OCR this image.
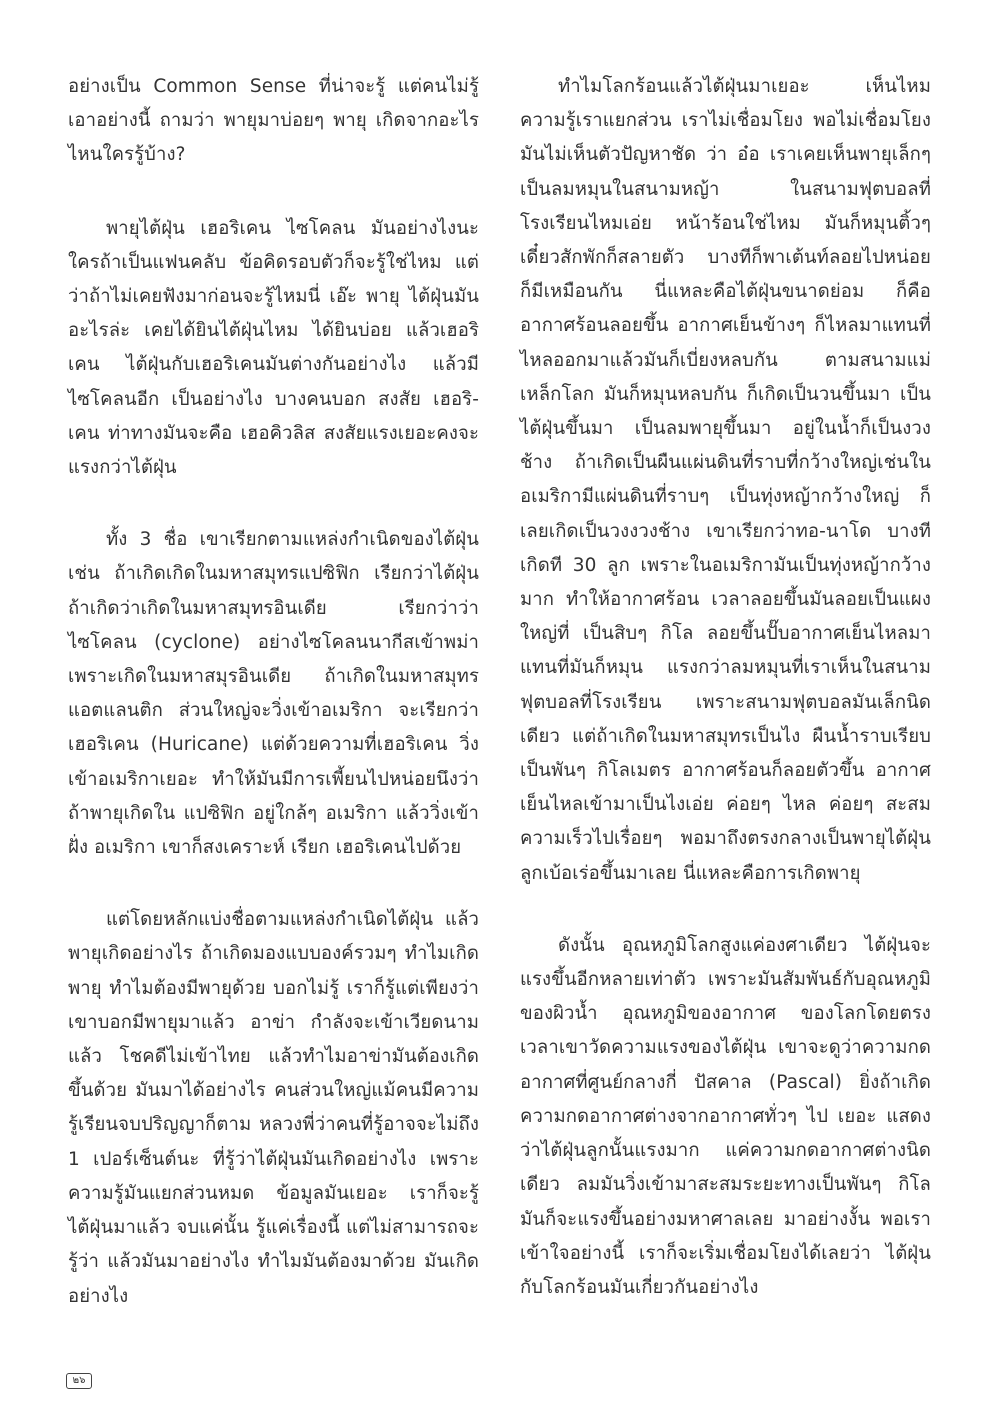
อย่างเป็น Common Sense ที่น่าจะรู้ แต่คนไม่รู้ เอาอย่างนี้ ถามว่า พายุมาบ่อยๆ พายุ เกิดจากอะไร ไหนใครรู้บ้าง?

พายุไต้ฝุ่น เฮอริเคน ไซโคลน มันอย่างไงนะ ใครถ้าเป็นแฟนคลับ ข้อคิดรอบตัวก็จะรู้ใช่ไหม แต่ว่าถ้าไม่เคยฟังมาก่อนจะรู้ไหมนี่ เอ๊ะ พายุ ไต้ฝุ่นมันอะไรล่ะ เคยได้ยินไต้ฝุ่นไหม ได้ยินบ่อย แล้วเฮอริเคน ไต้ฝุ่นกับเฮอริเคนมันต่างกันอย่างไง แล้วมีไซโคลนอีก เป็นอย่างไง บางคนบอก สงสัย เฮอริ-เคน ท่าทางมันจะคือ เฮอคิวลิส สงสัยแรงเยอะคงจะแรงกว่าไต้ฝุ่น

ทั้ง 3 ชื่อ เขาเรียกตามแหล่งกำเนิดของไต้ฝุ่น เช่น ถ้าเกิดเกิดในมหาสมุทรแปซิฟิก เรียกว่าไต้ฝุ่น ถ้าเกิดว่าเกิดในมหาสมุทรอินเดีย เรียกว่าว่า ไซโคลน (cyclone) อย่างไซโคลนนากีสเข้าพม่า เพราะเกิดในมหาสมุรอินเดีย ถ้าเกิดในมหาสมุทรแอตแลนติก ส่วนใหญ่จะวิ่งเข้าอเมริกา จะเรียกว่า เฮอริเคน (Huricane) แต่ด้วยความที่เฮอริเคน วิ่งเข้าอเมริกาเยอะ ทำให้มันมีการเพี้ยนไปหน่อยนึงว่า ถ้าพายุเกิดใน แปซิฟิก อยู่ใกล้ๆ อเมริกา แล้ววิ่งเข้าฝั่ง อเมริกา เขาก็สงเคราะห์ เรียก เฮอริเคนไปด้วย

แต่โดยหลักแบ่งชื่อตามแหล่งกำเนิดไต้ฝุ่น แล้วพายุเกิดอย่างไร ถ้าเกิดมองแบบองค์รวมๆ ทำไมเกิดพายุ ทำไมต้องมีพายุด้วย บอกไม่รู้ เราก็รู้แต่เพียงว่า เขาบอกมีพายุมาแล้ว อาข่า กำลังจะเข้าเวียดนามแล้ว โชคดีไม่เข้าไทย แล้วทำไมอาข่ามันต้องเกิดขึ้นด้วย มันมาได้อย่างไร คนส่วนใหญ่แม้คนมีความรู้เรียนจบปริญญาก็ตาม หลวงพี่ว่าคนที่รู้อาจจะไม่ถึง 1 เปอร์เซ็นต์นะ ที่รู้ว่าไต้ฝุ่นมันเกิดอย่างไง เพราะความรู้มันแยกส่วนหมด ข้อมูลมันเยอะ เราก็จะรู้ ไต้ฝุ่นมาแล้ว จบแค่นั้น รู้แค่เรื่องนี้ แต่ไม่สามารถจะรู้ว่า แล้วมันมาอย่างไง ทำไมมันต้องมาด้วย มันเกิดอย่างไง

ทำไมโลกร้อนแล้วไต้ฝุ่นมาเยอะ เห็นไหม ความรู้เราแยกส่วน เราไม่เชื่อมโยง พอไม่เชื่อมโยงมันไม่เห็นตัวปัญหาชัด ว่า อ๋อ เราเคยเห็นพายุเล็กๆ เป็นลมหมุนในสนามหญ้า ในสนามฟุตบอลที่โรงเรียนไหมเอ่ย หน้าร้อนใช่ไหม มันก็หมุนติ้วๆ เดี๋ยวสักพักก็สลายตัว บางทีก็พาเต้นท์ลอยไปหน่อย ก็มีเหมือนกัน นี่แหละคือไต้ฝุ่นขนาดย่อม ก็คืออากาศร้อนลอยขึ้น อากาศเย็นข้างๆ ก็ไหลมาแทนที่ ไหลออกมาแล้วมันก็เบี่ยงหลบกัน ตามสนามแม่เหล็กโลก มันก็หมุนหลบกัน ก็เกิดเป็นวนขึ้นมา เป็นไต้ฝุ่นขึ้นมา เป็นลมพายุขึ้นมา อยู่ในน้ำก็เป็นงวงช้าง ถ้าเกิดเป็นผืนแผ่นดินที่ราบที่กว้างใหญ่เช่นในอเมริกามีแผ่นดินที่ราบๆ เป็นทุ่งหญ้ากว้างใหญ่ ก็เลยเกิดเป็นวงงวงช้าง เขาเรียกว่าทอ-นาโด บางทีเกิดที 30 ลูก เพราะในอเมริกามันเป็นทุ่งหญ้ากว้างมาก ทำให้อากาศร้อน เวลาลอยขึ้นมันลอยเป็นแผงใหญ่ที่ เป็นสิบๆ กิโล ลอยขึ้นปั๊บอากาศเย็นไหลมาแทนที่มันก็หมุน แรงกว่าลมหมุนที่เราเห็นในสนามฟุตบอลที่โรงเรียน เพราะสนามฟุตบอลมันเล็กนิดเดียว แต่ถ้าเกิดในมหาสมุทรเป็นไง ผืนน้ำราบเรียบเป็นพันๆ กิโลเมตร อากาศร้อนก็ลอยตัวขึ้น อากาศเย็นไหลเข้ามาเป็นไงเอ่ย ค่อยๆ ไหล ค่อยๆ สะสมความเร็วไปเรื่อยๆ พอมาถึงตรงกลางเป็นพายุไต้ฝุ่นลูกเบ้อเร่อขึ้นมาเลย นี่แหละคือการเกิดพายุ

ดังนั้น อุณหภูมิโลกสูงแค่องศาเดียว ไต้ฝุ่นจะแรงขึ้นอีกหลายเท่าตัว เพราะมันสัมพันธ์กับอุณหภูมิของผิวน้ำ อุณหภูมิของอากาศ ของโลกโดยตรง เวลาเขาวัดความแรงของไต้ฝุ่น เขาจะดูว่าความกดอากาศที่ศูนย์กลางกี่ ปัสคาล (Pascal) ยิ่งถ้าเกิดความกดอากาศต่างจากอากาศทั่วๆ ไป เยอะ แสดงว่าไต้ฝุ่นลูกนั้นแรงมาก แค่ความกดอากาศต่างนิดเดียว ลมมันวิ่งเข้ามาสะสมระยะทางเป็นพันๆ กิโล มันก็จะแรงขึ้นอย่างมหาศาลเลย มาอย่างงั้น พอเราเข้าใจอย่างนี้ เราก็จะเริ่มเชื่อมโยงได้เลยว่า ไต้ฝุ่นกับโลกร้อนมันเกี่ยวกันอย่างไง

๒๖
